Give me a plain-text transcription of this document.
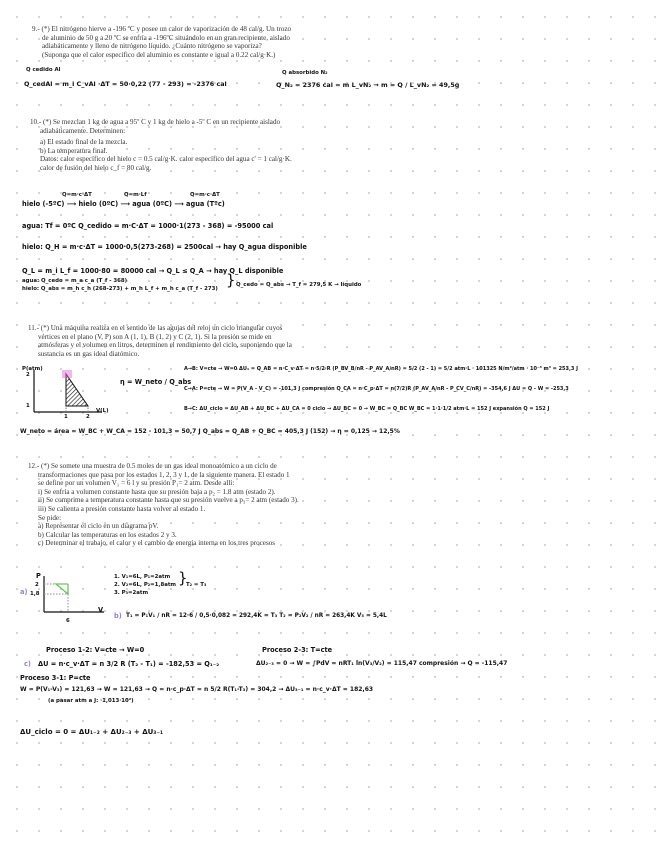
9.- (*) El nitrógeno hierve a -196 ºC y posee un calor de vaporización de 48 cal/g. Un trozo
de aluminio de 50 g a 20 ºC se enfría a -196ºC situándolo en un gran recipiente, aislado
adiabáticamente y lleno de nitrógeno líquido. ¿Cuánto nitrógeno se vaporiza?
(Suponga que el calor específico del aluminio es constante e igual a 0.22 cal/g·K.)
Q cedido Al	Q absorbido N₂
Q_cedAl = m_i C_vAl ·ΔT = 50·0,22 (77 - 293) = -2376 cal	Q_N₂ = 2376 cal = m L_vN₂ → m = Q / L_vN₂ = 49,5g
10.- (*) Se mezclan 1 kg de agua a 95º C y 1 kg de hielo a -5º C en un recipiente aislado
adiabáticamente. Determinen:
a) El estado final de la mezcla.
b) La temperatura final.
Datos: calor específico del hielo c = 0.5 cal/g·K. calor específico del agua c' = 1 cal/g·K.
calor de fusión del hielo c_f = 80 cal/g.
Q=m·c·ΔT	Q=m·Lf	Q=m·c·ΔT
hielo (-5ºC) ⟶ hielo (0ºC) ⟶ agua (0ºC) ⟶ agua (Tºc)
agua: Tf = 0ºC Q_cedido = m·C·ΔT = 1000·1(273 - 368) = -95000 cal
hielo: Q_H = m·c·ΔT = 1000·0,5(273-268) = 2500cal → hay Q_agua disponible
Q_L = m_i L_f = 1000·80 = 80000 cal → Q_L ≤ Q_A → hay Q_L disponible
agua: Q_cedo = m_a c_a (T_f - 368)
hielo: Q_abs = m_h c_h (268-273) + m_h L_f + m_h c_a (T_f - 273) } Q_cedo = Q_abs → T_f = 279,5 K → líquido
11.- (*) Una máquina realiza en el sentido de las agujas del reloj un ciclo triangular cuyos
vértices en el plano (V, P) son A (1, 1), B (1, 2) y C (2, 1). Si la presión se mide en
atmósferas y el volumen en litros, determinen el rendimiento del ciclo, suponiendo que la
sustancia es un gas ideal diatómico.
P(atm)
V(L)
2
1
1	2
η = W_neto / Q_abs
A→B: V=cte → W=0 ΔU₁ = Q_AB = n·C_v·ΔT = n·5/2·R (P_BV_B/nR - P_AV_A/nR) = 5/2 (2 - 1) = 5/2 atm·L · 101325 N/m²/atm · 10⁻³ m³ = 253,3 J
C→A: P=cte → W = P(V_A - V_C) = -101,3 J compresión Q_CA = n·C_p·ΔT = n(7/2)R (P_AV_A/nR - P_CV_C/nR) = -354,6 J ΔU = Q - W = -253,3
B→C: ΔU_ciclo = ΔU_AB + ΔU_BC + ΔU_CA = 0 ciclo → ΔU_BC = 0 → W_BC = Q_BC W_BC = 1·1·1/2 atm·L = 152 J expansión Q = 152 J
W_neto = área = W_BC + W_CA = 152 - 101,3 = 50,7 J Q_abs = Q_AB + Q_BC = 405,3 J (152) → η = 0,125 → 12,5%
12.- (*) Se somete una muestra de 0.5 moles de un gas ideal monoatómico a un ciclo de
transformaciones que pasa por los estados 1, 2, 3 y 1, de la siguiente manera. El estado 1
se define por un volumen V₁ = 6 l y su presión P₁= 2 atm. Desde allí:
i) Se enfría a volumen constante hasta que su presión baja a p₂ = 1.8 atm (estado 2).
ii) Se comprime a temperatura constante hasta que su presión vuelve a p₃= 2 atm (estado 3).
iii) Se calienta a presión constante hasta volver al estado 1.
Se pide:
a) Representar el ciclo en un diagrama pV.
b) Calcular las temperaturas en los estados 2 y 3.
c) Determinar el trabajo, el calor y el cambio de energía interna en los tres procesos
P
2
1,8
V
6
a)
1. V₁=6L, P₁=2atm
2. V₂=6L, P₂=1,8atm
3. P₃=2atm
}
T₂ = T₃
b) T₁ = P₁V₁ / nR = 12·6 / 0,5·0,082 = 292,4K = T₃ T₂ = P₂V₂ / nR = 263,4K V₃ = 5,4L
Proceso 1-2: V=cte → W=0
c) ΔU = n·c_v·ΔT = n 3/2 R (T₂ - T₁) = -182,53 = Q₁₋₂
Proceso 2-3: T=cte
ΔU₂₋₃ = 0 → W = ∫PdV = nRT₁ ln(V₃/V₂) = 115,47 compresión → Q = -115,47
Proceso 3-1: P=cte
W = P(V₁-V₃) = 121,63 → W = 121,63 → Q = n·c_p·ΔT = n 5/2 R(T₁-T₃) = 304,2 → ΔU₃₋₁ = n·c_v·ΔT = 182,63
(a pasar atm a J: ·1,013·10²)
ΔU_ciclo = 0 = ΔU₁₋₂ + ΔU₂₋₃ + ΔU₃₋₁
